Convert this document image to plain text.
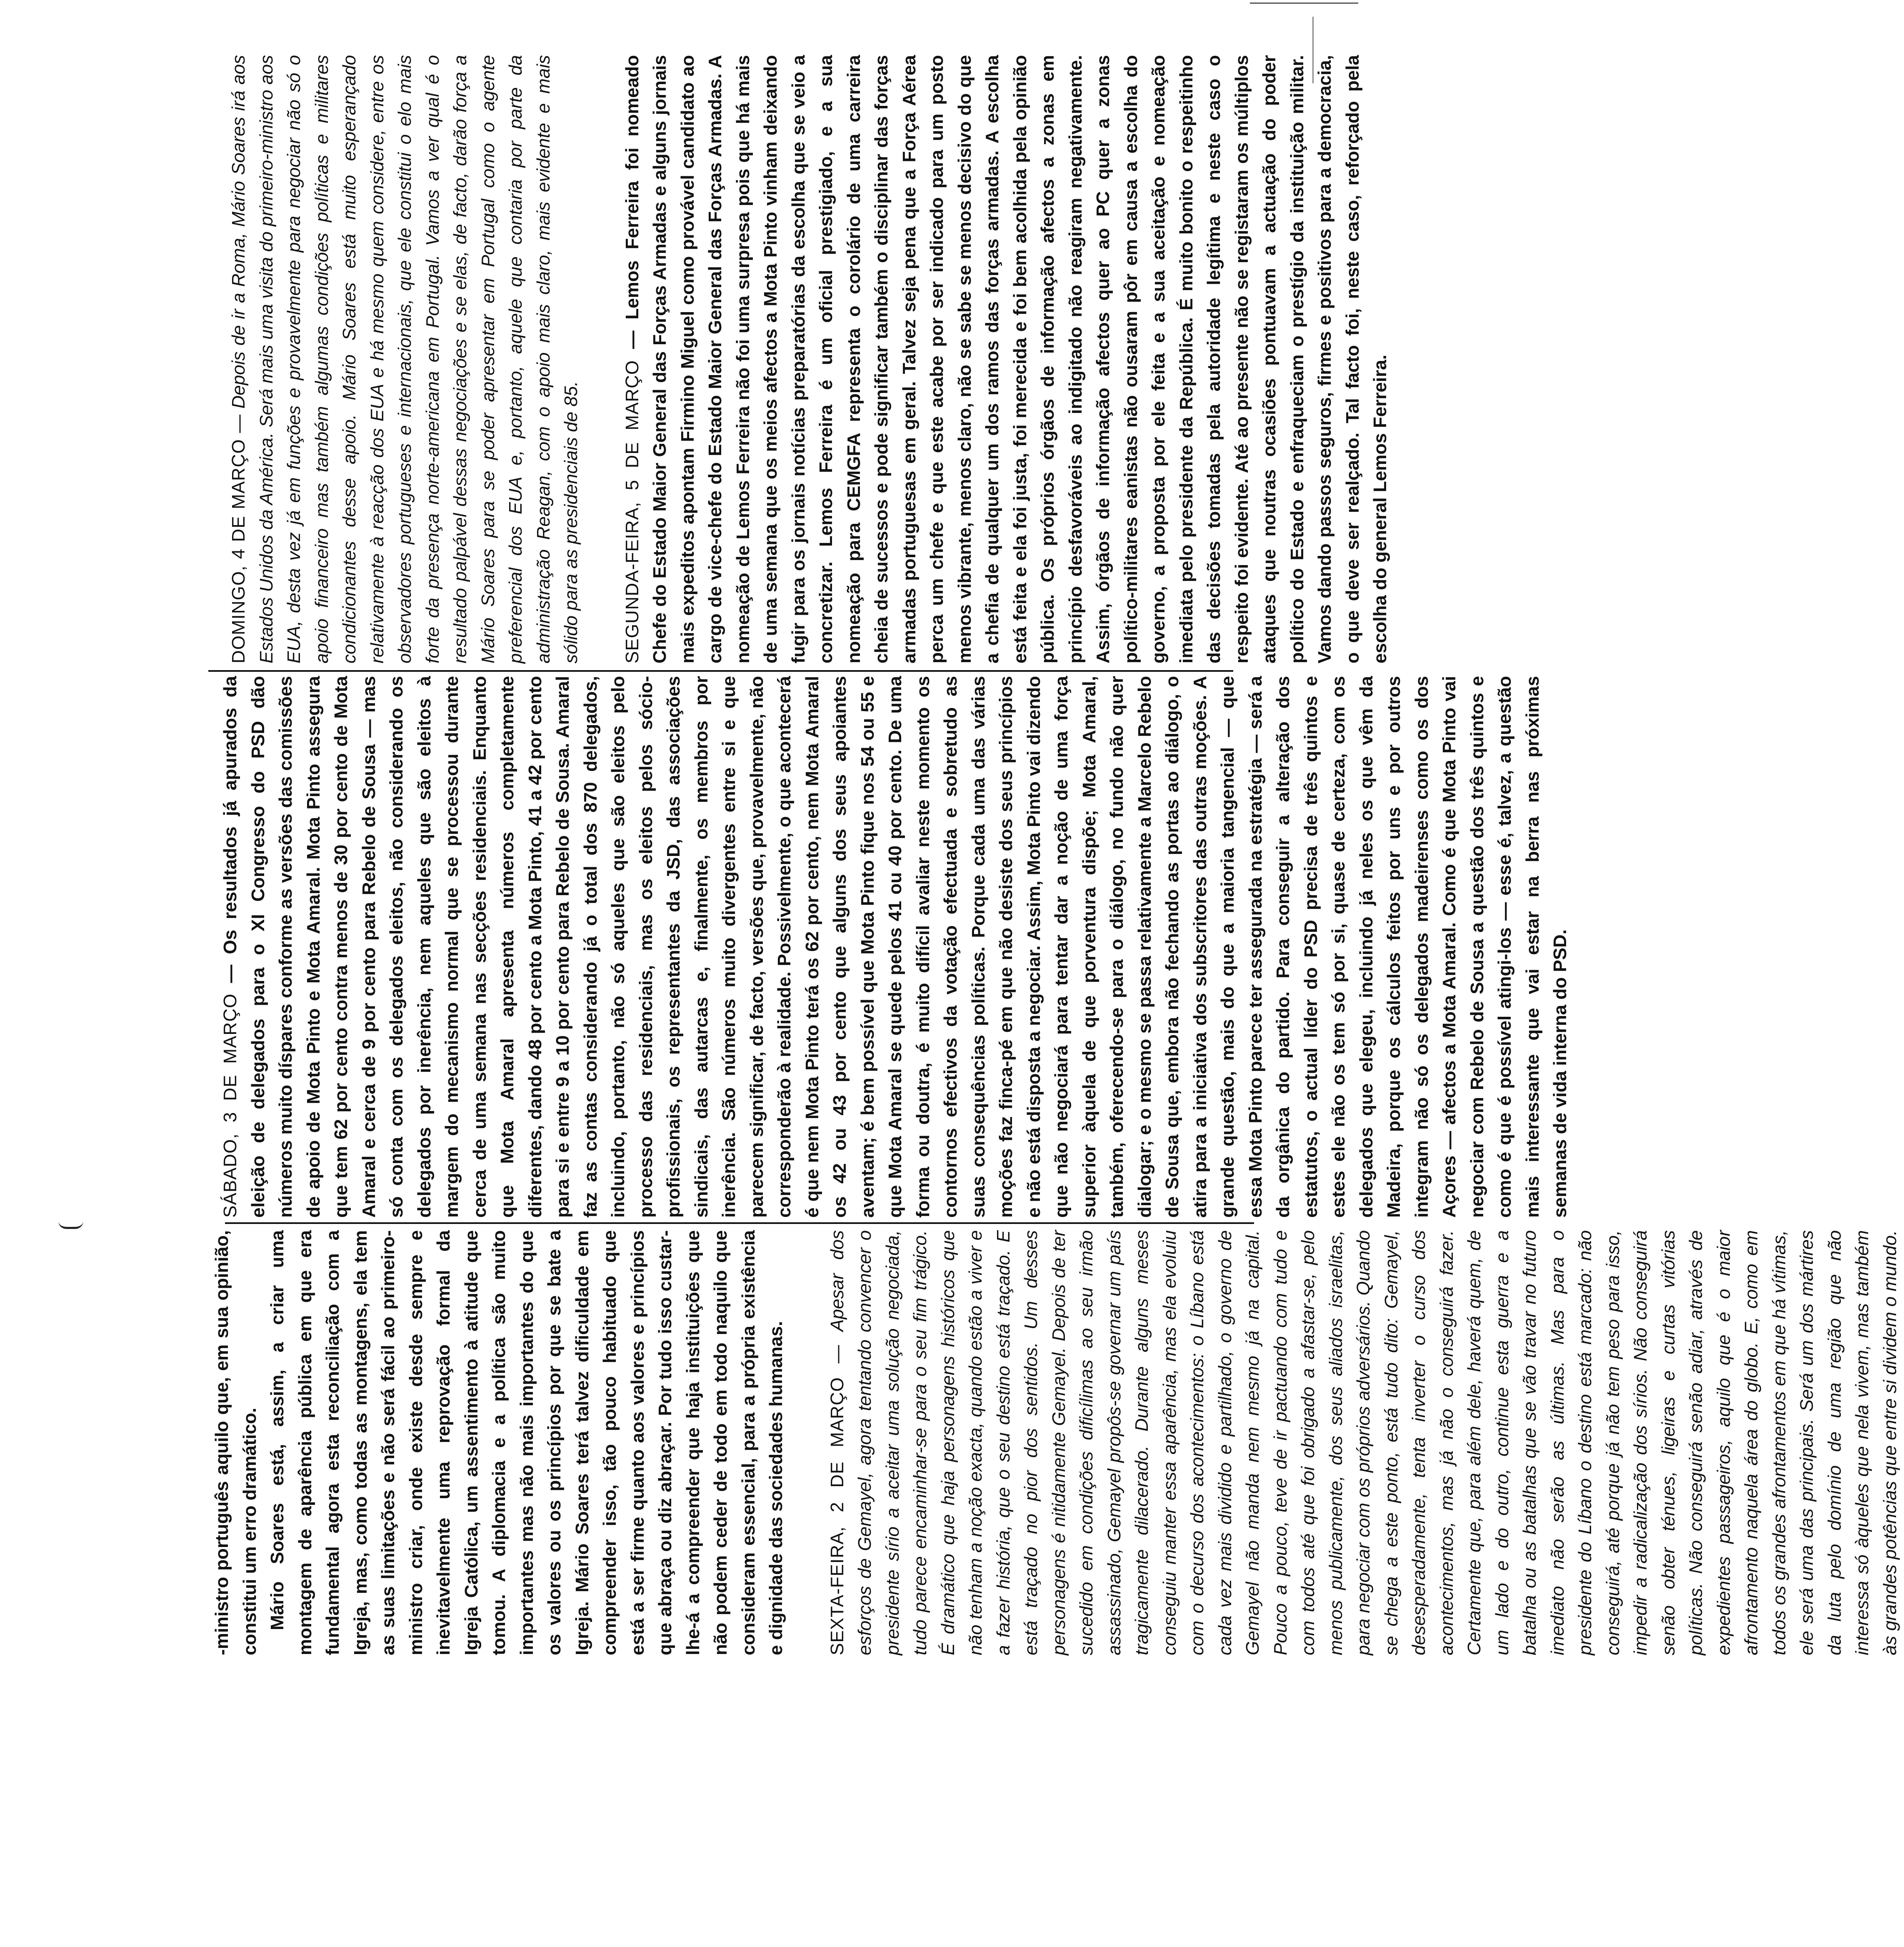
-ministro português aquilo que, em sua opinião, constitui um erro dramático. Mário Soares está, assim, a criar uma montagem de aparência pública em que era fundamental agora esta reconciliação com a Igreja, mas, como todas as montagens, ela tem as suas limitações e não será fácil ao primeiro-ministro criar, onde existe desde sempre e inevitavelmente uma reprovação formal da Igreja Católica, um assentimento à atitude que tomou. A diplomacia e a política são muito importantes mas não mais importantes do que os valores ou os princípios por que se bate a Igreja. Mário Soares terá talvez dificuldade em compreender isso, tão pouco habituado que está a ser firme quanto aos valores e princípios que abraça ou diz abraçar. Por tudo isso custar-lhe-á a compreender que haja instituições que não podem ceder de todo em todo naquilo que consideram essencial, para a própria existência e dignidade das sociedades humanas. SEXTA-FEIRA, 2 DE MARÇO — Apesar dos esforços de Gemayel, agora tentando convencer o presidente sírio a aceitar uma solução negociada, tudo parece encaminhar-se para o seu fim trágico. É dramático que haja personagens históricos que não tenham a noção exacta, quando estão a viver e a fazer história, que o seu destino está traçado. E está traçado no pior dos sentidos. Um desses personagens é nitidamente Gemayel. Depois de ter sucedido em condições dificílimas ao seu irmão assassinado, Gemayel propôs-se governar um país tragicamente dilacerado. Durante alguns meses conseguiu manter essa aparência, mas ela evoluiu com o decurso dos acontecimentos: o Líbano está cada vez mais dividido e partilhado, o governo de Gemayel não manda nem mesmo já na capital. Pouco a pouco, teve de ir pactuando com tudo e com todos até que foi obrigado a afastar-se, pelo menos publicamente, dos seus aliados israelitas, para negociar com os próprios adversários. Quando se chega a este ponto, está tudo dito: Gemayel, desesperadamente, tenta inverter o curso dos acontecimentos, mas já não o conseguirá fazer. Certamente que, para além dele, haverá quem, de um lado e do outro, continue esta guerra e a batalha ou as batalhas que se vão travar no futuro imediato não serão as últimas. Mas para o presidente do Líbano o destino está marcado: não conseguirá, até porque já não tem peso para isso, impedir a radicalização dos sírios. Não conseguirá senão obter ténues, ligeiras e curtas vitórias políticas. Não conseguirá senão adiar, através de expedientes passageiros, aquilo que é o maior afrontamento naquela área do globo. E, como em todos os grandes afrontamentos em que há vítimas, ele será uma das principais. Será um dos mártires da luta pelo domínio de uma região que não interessa só àqueles que nela vivem, mas também às grandes potências que entre si dividem o mundo.

SÁBADO, 3 DE MARÇO — Os resultados já apurados da eleição de delegados para o XI Congresso do PSD dão números muito díspares conforme as versões das comissões de apoio de Mota Pinto e Mota Amaral. Mota Pinto assegura que tem 62 por cento contra menos de 30 por cento de Mota Amaral e cerca de 9 por cento para Rebelo de Sousa — mas só conta com os delegados eleitos, não considerando os delegados por inerência, nem aqueles que são eleitos à margem do mecanismo normal que se processou durante cerca de uma semana nas secções residenciais. Enquanto que Mota Amaral apresenta números completamente diferentes, dando 48 por cento a Mota Pinto, 41 a 42 por cento para si e entre 9 a 10 por cento para Rebelo de Sousa. Amaral faz as contas considerando já o total dos 870 delegados, incluindo, portanto, não só aqueles que são eleitos pelo processo das residenciais, mas os eleitos pelos sócio-profissionais, os representantes da JSD, das associações sindicais, das autarcas e, finalmente, os membros por inerência. São números muito divergentes entre si e que parecem significar, de facto, versões que, provavelmente, não corresponderão à realidade. Possivelmente, o que acontecerá é que nem Mota Pinto terá os 62 por cento, nem Mota Amaral os 42 ou 43 por cento que alguns dos seus apoiantes aventam; é bem possível que Mota Pinto fique nos 54 ou 55 e que Mota Amaral se quede pelos 41 ou 40 por cento. De uma forma ou doutra, é muito difícil avaliar neste momento os contornos efectivos da votação efectuada e sobretudo as suas consequências políticas. Porque cada uma das várias moções faz finca-pé em que não desiste dos seus princípios e não está disposta a negociar. Assim, Mota Pinto vai dizendo que não negociará para tentar dar a noção de uma força superior àquela de que porventura dispõe; Mota Amaral, também, oferecendo-se para o diálogo, no fundo não quer dialogar; e o mesmo se passa relativamente a Marcelo Rebelo de Sousa que, embora não fechando as portas ao diálogo, o atira para a iniciativa dos subscritores das outras moções. A grande questão, mais do que a maioria tangencial — que essa Mota Pinto parece ter assegurada na estratégia — será a da orgânica do partido. Para conseguir a alteração dos estatutos, o actual líder do PSD precisa de três quintos e estes ele não os tem só por si, quase de certeza, com os delegados que elegeu, incluindo já neles os que vêm da Madeira, porque os cálculos feitos por uns e por outros integram não só os delegados madeirenses como os dos Açores — afectos a Mota Amaral. Como é que Mota Pinto vai negociar com Rebelo de Sousa a questão dos três quintos e como é que é possível atingi-los — esse é, talvez, a questão mais interessante que vai estar na berra nas próximas semanas de vida interna do PSD.

DOMINGO, 4 DE MARÇO — Depois de ir a Roma, Mário Soares irá aos Estados Unidos da América. Será mais uma visita do primeiro-ministro aos EUA, desta vez já em funções e provavelmente para negociar não só o apoio financeiro mas também algumas condições políticas e militares condicionantes desse apoio. Mário Soares está muito esperançado relativamente à reacção dos EUA e há mesmo quem considere, entre os observadores portugueses e internacionais, que ele constitui o elo mais forte da presença norte-americana em Portugal. Vamos a ver qual é o resultado palpável dessas negociações e se elas, de facto, darão força a Mário Soares para se poder apresentar em Portugal como o agente preferencial dos EUA e, portanto, aquele que contaria por parte da administração Reagan, com o apoio mais claro, mais evidente e mais sólido para as presidenciais de 85. SEGUNDA-FEIRA, 5 DE MARÇO — Lemos Ferreira foi nomeado Chefe do Estado Maior General das Forças Armadas e alguns jornais mais expeditos apontam Firmino Miguel como provável candidato ao cargo de vice-chefe do Estado Maior General das Forças Armadas. A nomeação de Lemos Ferreira não foi uma surpresa pois que há mais de uma semana que os meios afectos a Mota Pinto vinham deixando fugir para os jornais notícias preparatórias da escolha que se veio a concretizar. Lemos Ferreira é um oficial prestigiado, e a sua nomeação para CEMGFA representa o corolário de uma carreira cheia de sucessos e pode significar também o disciplinar das forças armadas portuguesas em geral. Talvez seja pena que a Força Aérea perca um chefe e que este acabe por ser indicado para um posto menos vibrante, menos claro, não se sabe se menos decisivo do que a chefia de qualquer um dos ramos das forças armadas. A escolha está feita e ela foi justa, foi merecida e foi bem acolhida pela opinião pública. Os próprios órgãos de informação afectos a zonas em princípio desfavoráveis ao indigitado não reagiram negativamente. Assim, órgãos de informação afectos quer ao PC quer a zonas político-militares eanistas não ousaram pôr em causa a escolha do governo, a proposta por ele feita e a sua aceitação e nomeação imediata pelo presidente da República. É muito bonito o respeitinho das decisões tomadas pela autoridade legítima e neste caso o respeito foi evidente. Até ao presente não se registaram os múltiplos ataques que noutras ocasiões pontuavam a actuação do poder político do Estado e enfraqueciam o prestígio da instituição militar. Vamos dando passos seguros, firmes e positivos para a democracia, o que deve ser realçado. Tal facto foi, neste caso, reforçado pela escolha do general Lemos Ferreira.
